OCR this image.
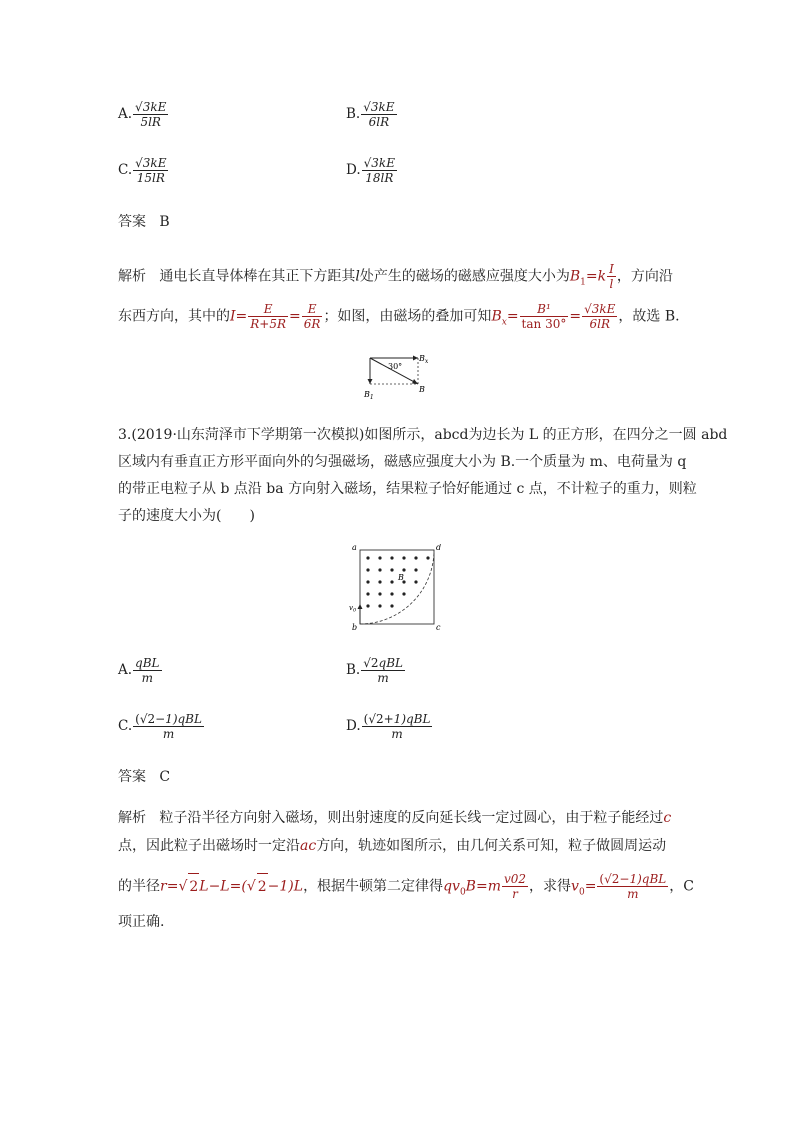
A. $\frac{√3kE}{5lR}$	B. $\frac{√3kE}{6lR}$
C. $\frac{√3kE}{15lR}$	D. $\frac{√3kE}{18lR}$
答案 B
解析 通电长直导体棒在其正下方距其l处产生的磁场的磁感应强度大小为$B_1=k \frac{I}{l}$ ，方向沿
东西方向，其中的$I= \frac{E}{R+5R} = \frac{E}{6R}$ ；如图，由磁场的叠加可知$B_x= \frac{\text{B¹}}{\tan 30^\circ} = \frac{√3kE}{6lR}$ ，故选 B.
30°
$B_x$
B
$B_1$
3.(2019·山东菏泽市下学期第一次模拟)如图所示，abcd为边长为 L 的正方形，在四分之一圆 abd
区域内有垂直正方形平面向外的匀强磁场，磁感应强度大小为 B.一个质量为 m、电荷量为 q
的带正电粒子从 b 点沿 ba 方向射入磁场，结果粒子恰好能通过 c 点，不计粒子的重力，则粒
子的速度大小为(　　)
a	d
b	c
B
$v_0$
A. $\frac{\text{qBL}}{m}$	B. $\frac{\text{√2qBL}}{m}$
C. $\frac{\text{(√2−1)qBL}}{m}$	D. $\frac{\text{(√2+1)qBL}}{m}$
答案 C
解析 粒子沿半径方向射入磁场，则出射速度的反向延长线一定过圆心，由于粒子能经过c
点，因此粒子出磁场时一定沿ac方向，轨迹如图所示，由几何关系可知，粒子做圆周运动
的半径r=√ 2L−L=(√ 2−1)L，根据牛顿第二定律得$qv_0B=m \frac{v02}{r}$ ，求得$v_0= \frac{\text{(√2−1)qBL}}{m}$ ，C
项正确.
